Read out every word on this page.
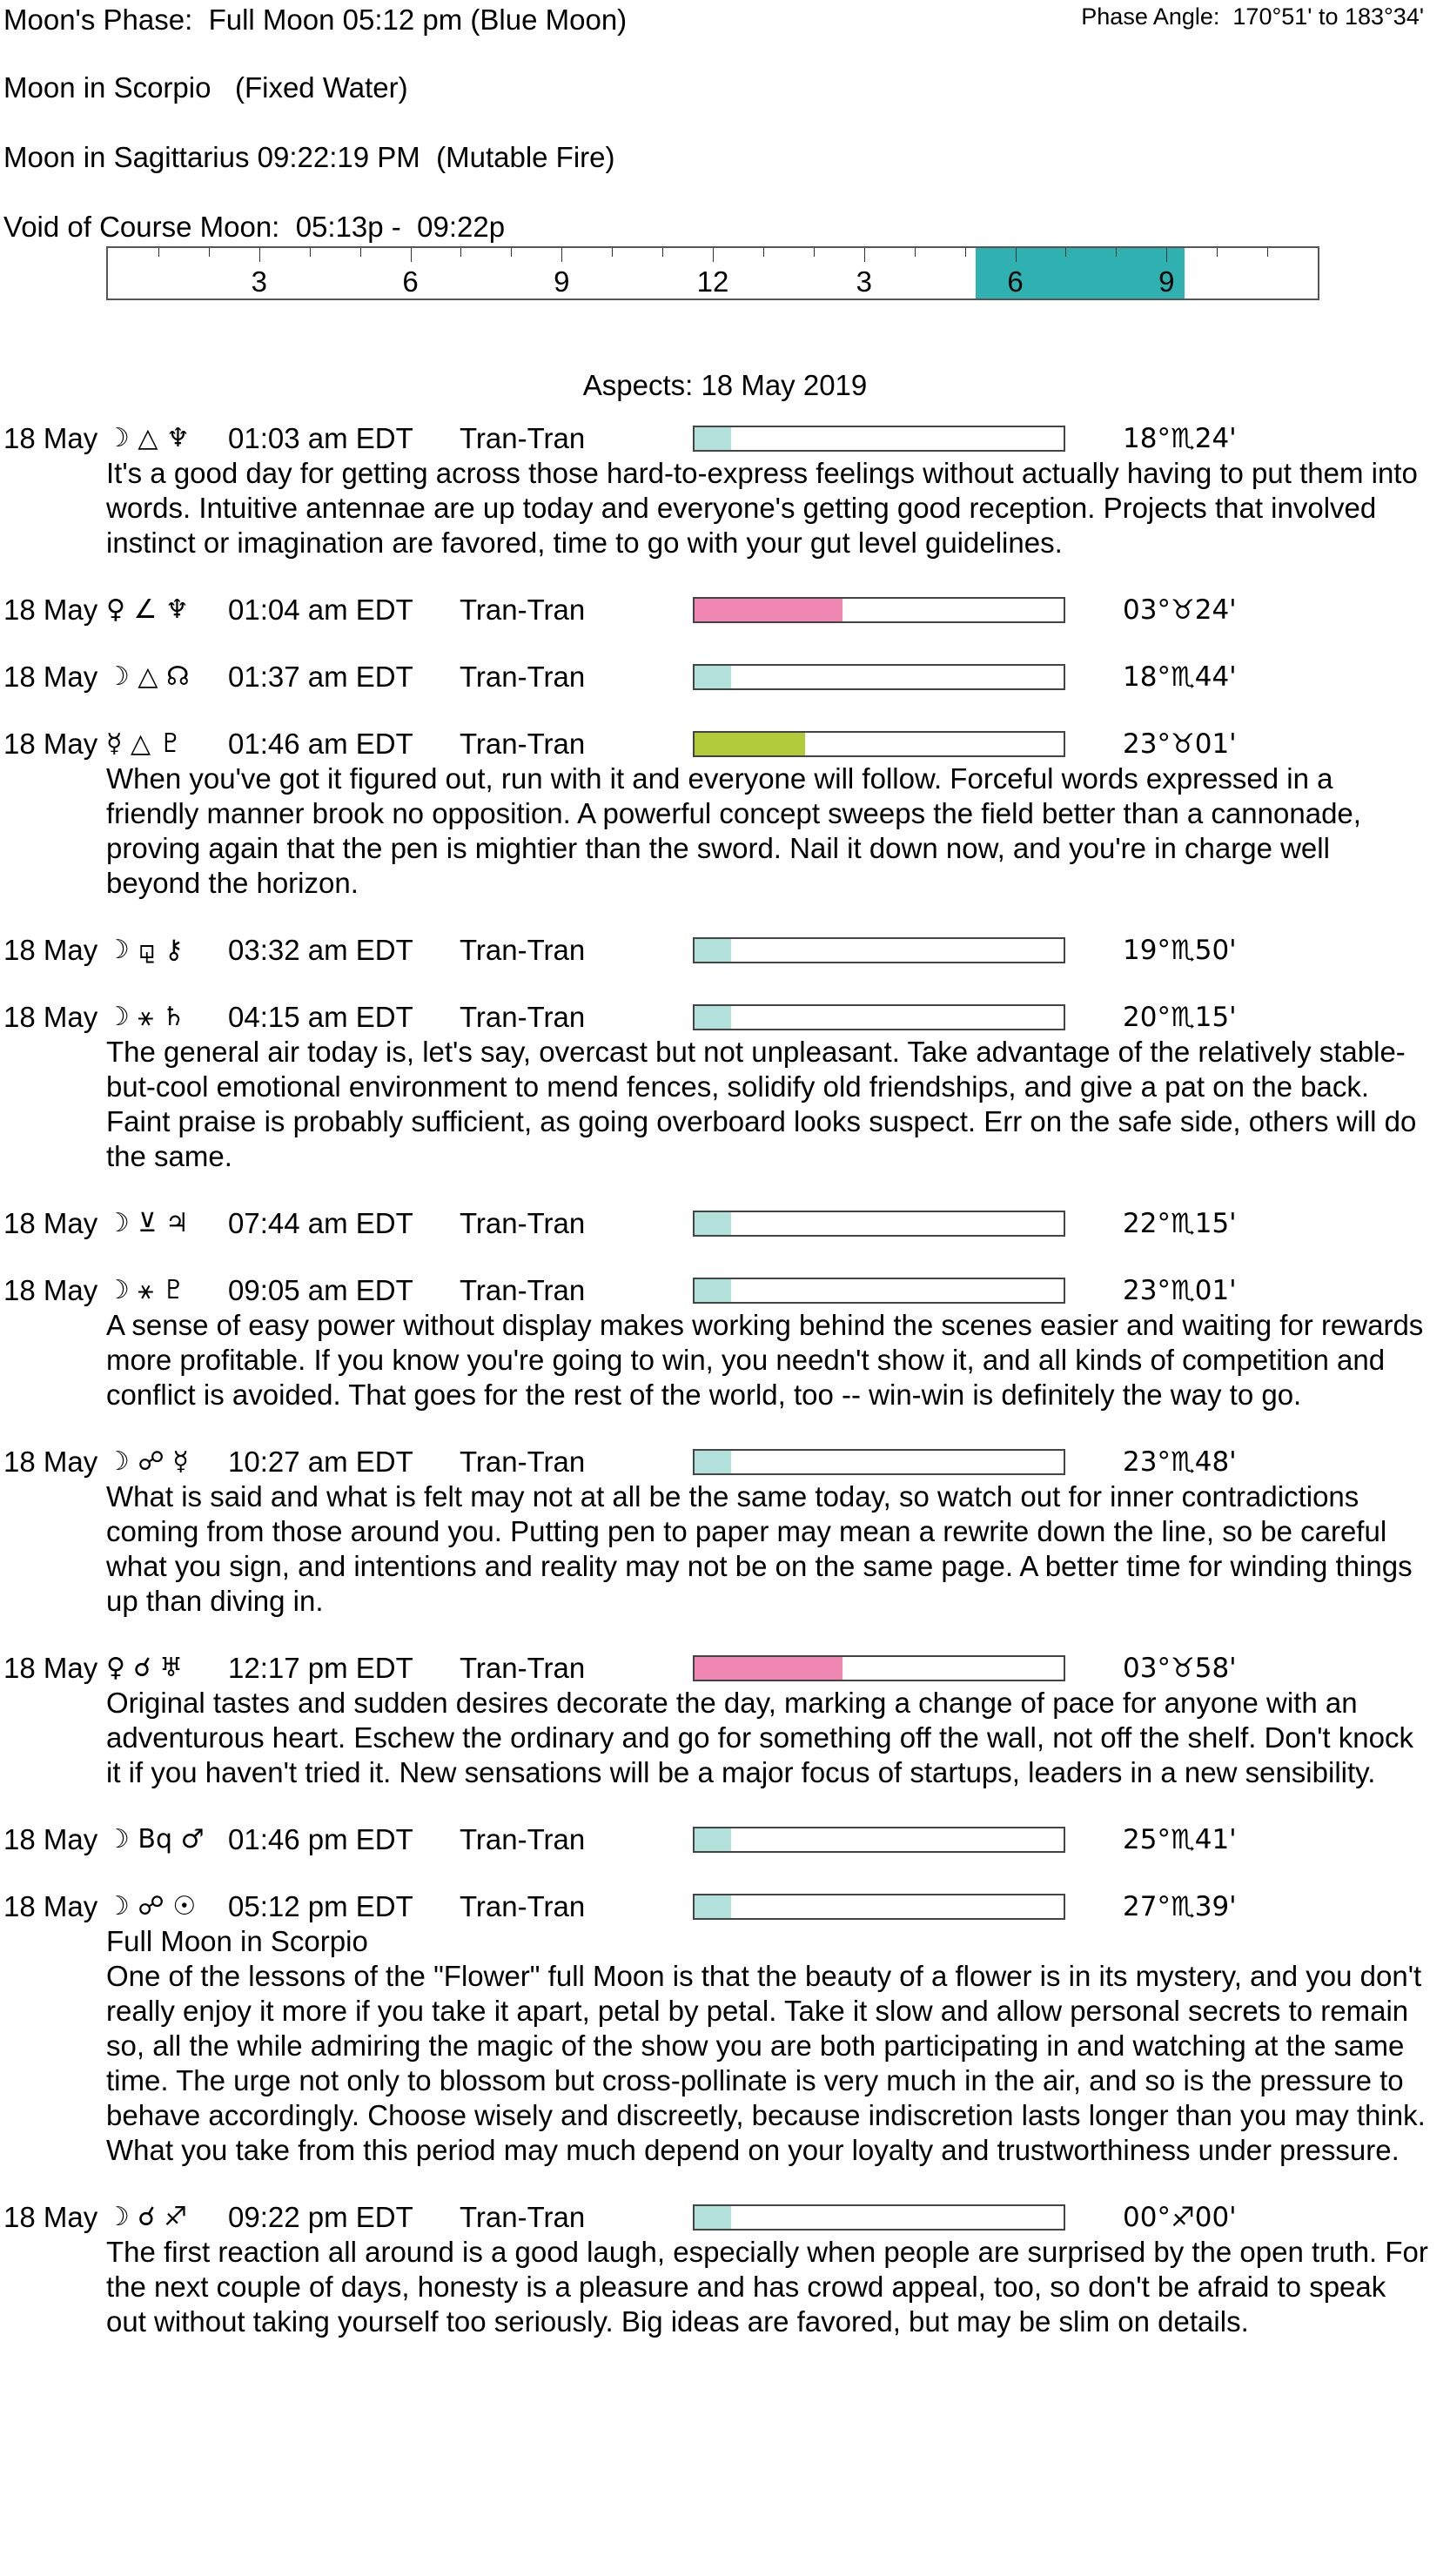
Moon's Phase:  Full Moon 05:12 pm (Blue Moon)	Phase Angle:  170°51' to 183°34'
Moon in Scorpio   (Fixed Water)
Moon in Sagittarius 09:22:19 PM  (Mutable Fire)
Void of Course Moon:  05:13p -  09:22p
3	6	9	12	3	6	9
Aspects: 18 May 2019
18 May ☽ △ ♆ 01:03 am EDT Tran-Tran	18°♏24'
It's a good day for getting across those hard-to-express feelings without actually having to put them into words. Intuitive antennae are up today and everyone's getting good reception. Projects that involved instinct or imagination are favored, time to go with your gut level guidelines.
18 May ♀ ∠ ♆ 01:04 am EDT Tran-Tran	03°♉24'
18 May ☽ △ ☊ 01:37 am EDT Tran-Tran	18°♏44'
18 May ☿ △ ♇ 01:46 am EDT Tran-Tran	23°♉01'
When you've got it figured out, run with it and everyone will follow. Forceful words expressed in a friendly manner brook no opposition. A powerful concept sweeps the field better than a cannonade, proving again that the pen is mightier than the sword. Nail it down now, and you're in charge well beyond the horizon.
18 May ☽ ⚼ ⚷ 03:32 am EDT Tran-Tran	19°♏50'
18 May ☽ ⚹ ♄ 04:15 am EDT Tran-Tran	20°♏15'
The general air today is, let's say, overcast but not unpleasant. Take advantage of the relatively stable-but-cool emotional environment to mend fences, solidify old friendships, and give a pat on the back. Faint praise is probably sufficient, as going overboard looks suspect. Err on the safe side, others will do the same.
18 May ☽ ⊻ ♃ 07:44 am EDT Tran-Tran	22°♏15'
18 May ☽ ⚹ ♇ 09:05 am EDT Tran-Tran	23°♏01'
A sense of easy power without display makes working behind the scenes easier and waiting for rewards more profitable. If you know you're going to win, you needn't show it, and all kinds of competition and conflict is avoided. That goes for the rest of the world, too -- win-win is definitely the way to go.
18 May ☽ ☍ ☿ 10:27 am EDT Tran-Tran	23°♏48'
What is said and what is felt may not at all be the same today, so watch out for inner contradictions coming from those around you. Putting pen to paper may mean a rewrite down the line, so be careful what you sign, and intentions and reality may not be on the same page. A better time for winding things up than diving in.
18 May ♀ ☌ ♅ 12:17 pm EDT Tran-Tran	03°♉58'
Original tastes and sudden desires decorate the day, marking a change of pace for anyone with an adventurous heart. Eschew the ordinary and go for something off the wall, not off the shelf. Don't knock it if you haven't tried it. New sensations will be a major focus of startups, leaders in a new sensibility.
18 May ☽ Bq ♂ 01:46 pm EDT Tran-Tran	25°♏41'
18 May ☽ ☍ ☉ 05:12 pm EDT Tran-Tran	27°♏39'
Full Moon in Scorpio
One of the lessons of the "Flower" full Moon is that the beauty of a flower is in its mystery, and you don't really enjoy it more if you take it apart, petal by petal. Take it slow and allow personal secrets to remain so, all the while admiring the magic of the show you are both participating in and watching at the same time. The urge not only to blossom but cross-pollinate is very much in the air, and so is the pressure to behave accordingly. Choose wisely and discreetly, because indiscretion lasts longer than you may think. What you take from this period may much depend on your loyalty and trustworthiness under pressure.
18 May ☽ ☌ ♐ 09:22 pm EDT Tran-Tran	00°♐00'
The first reaction all around is a good laugh, especially when people are surprised by the open truth. For the next couple of days, honesty is a pleasure and has crowd appeal, too, so don't be afraid to speak out without taking yourself too seriously. Big ideas are favored, but may be slim on details.
